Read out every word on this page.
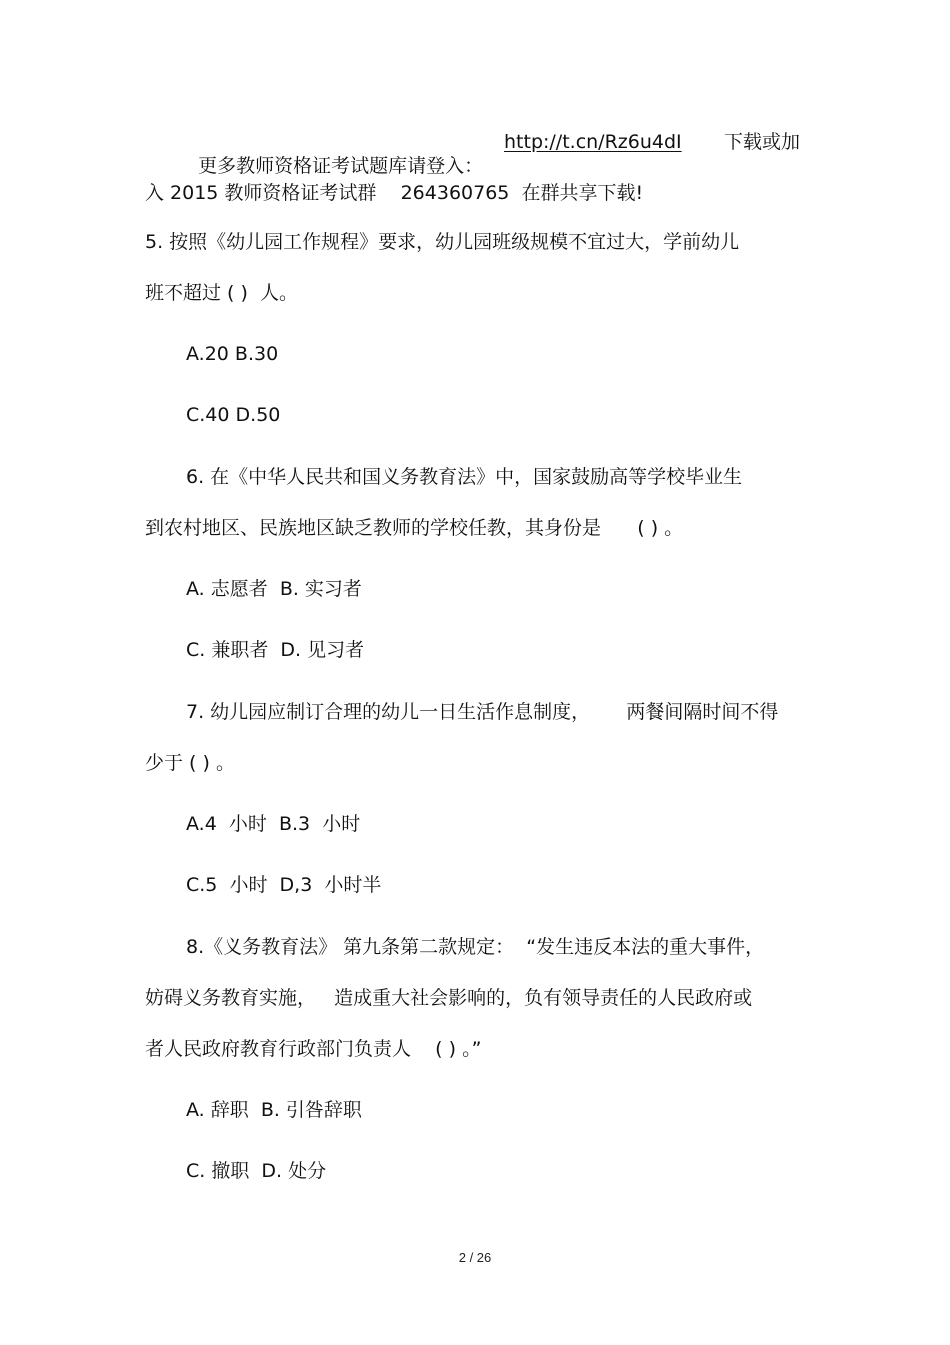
更多教师资格证考试题库请登入：

http://t.cn/Rz6u4dI 下载或加
入 2015 教师资格证考试群    264360765  在群共享下载!
5. 按照《幼儿园工作规程》要求，幼儿园班级规模不宜过大，学前幼儿
班不超过 ( )  人。
A.20 B.30
C.40 D.50
6. 在《中华人民共和国义务教育法》中，国家鼓励高等学校毕业生
到农村地区、民族地区缺乏教师的学校任教，其身份是      ( ) 。
A. 志愿者  B. 实习者
C. 兼职者  D. 见习者
7. 幼儿园应制订合理的幼儿一日生活作息制度，      两餐间隔时间不得
少于 ( ) 。
A.4  小时  B.3  小时
C.5  小时  D,3  小时半
8.《义务教育法》 第九条第二款规定：  “发生违反本法的重大事件，
妨碍义务教育实施，   造成重大社会影响的，负有领导责任的人民政府或
者人民政府教育行政部门负责人    ( ) 。”
A. 辞职  B. 引咎辞职
C. 撤职  D. 处分
2 / 26
